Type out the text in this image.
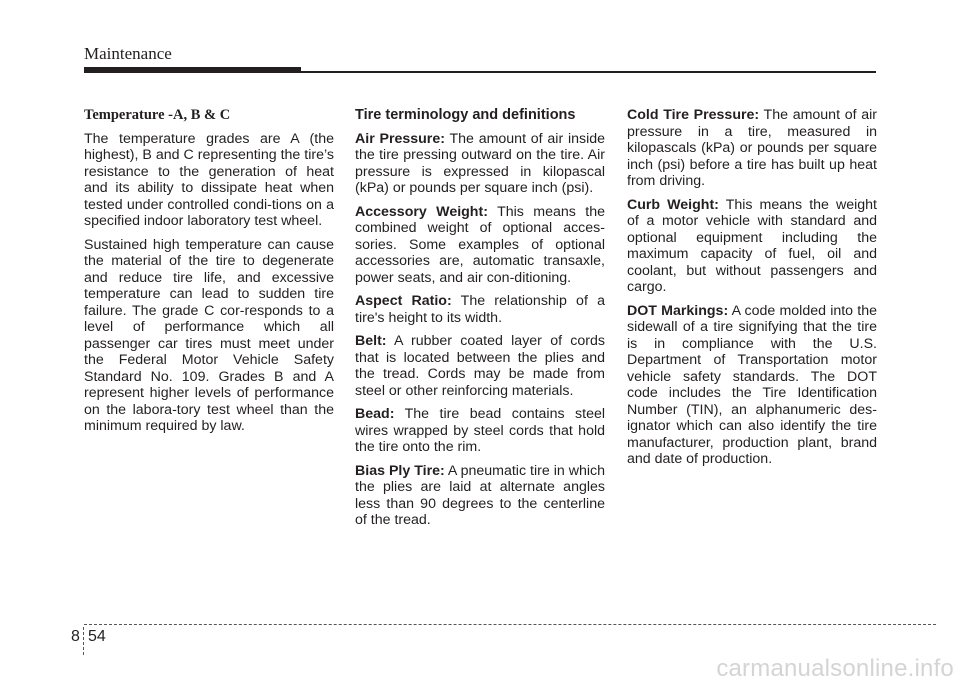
Maintenance

Temperature -A, B & C

The temperature grades are A (the highest), B and C representing the tire’s resistance to the generation of heat and its ability to dissipate heat when tested under controlled condi-tions on a specified indoor laboratory test wheel.

Sustained high temperature can cause the material of the tire to degenerate and reduce tire life, and excessive temperature can lead to sudden tire failure. The grade C cor-responds to a level of performance which all passenger car tires must meet under the Federal Motor Vehicle Safety Standard No. 109. Grades B and A represent higher levels of performance on the labora-tory test wheel than the minimum required by law.

Tire terminology and definitions

Air Pressure: The amount of air inside the tire pressing outward on the tire. Air pressure is expressed in kilopascal (kPa) or pounds per square inch (psi).

Accessory Weight: This means the combined weight of optional acces-sories. Some examples of optional accessories are, automatic transaxle, power seats, and air con-ditioning.

Aspect Ratio: The relationship of a tire's height to its width.

Belt: A rubber coated layer of cords that is located between the plies and the tread. Cords may be made from steel or other reinforcing materials.

Bead: The tire bead contains steel wires wrapped by steel cords that hold the tire onto the rim.

Bias Ply Tire: A pneumatic tire in which the plies are laid at alternate angles less than 90 degrees to the centerline of the tread.

Cold Tire Pressure: The amount of air pressure in a tire, measured in kilopascals (kPa) or pounds per square inch (psi) before a tire has built up heat from driving.

Curb Weight: This means the weight of a motor vehicle with standard and optional equipment including the maximum capacity of fuel, oil and coolant, but without passengers and cargo.

DOT Markings: A code molded into the sidewall of a tire signifying that the tire is in compliance with the U.S. Department of Transportation motor vehicle safety standards. The DOT code includes the Tire Identification Number (TIN), an alphanumeric des-ignator which can also identify the tire manufacturer, production plant, brand and date of production.

8 54
carmanualsonline.info
